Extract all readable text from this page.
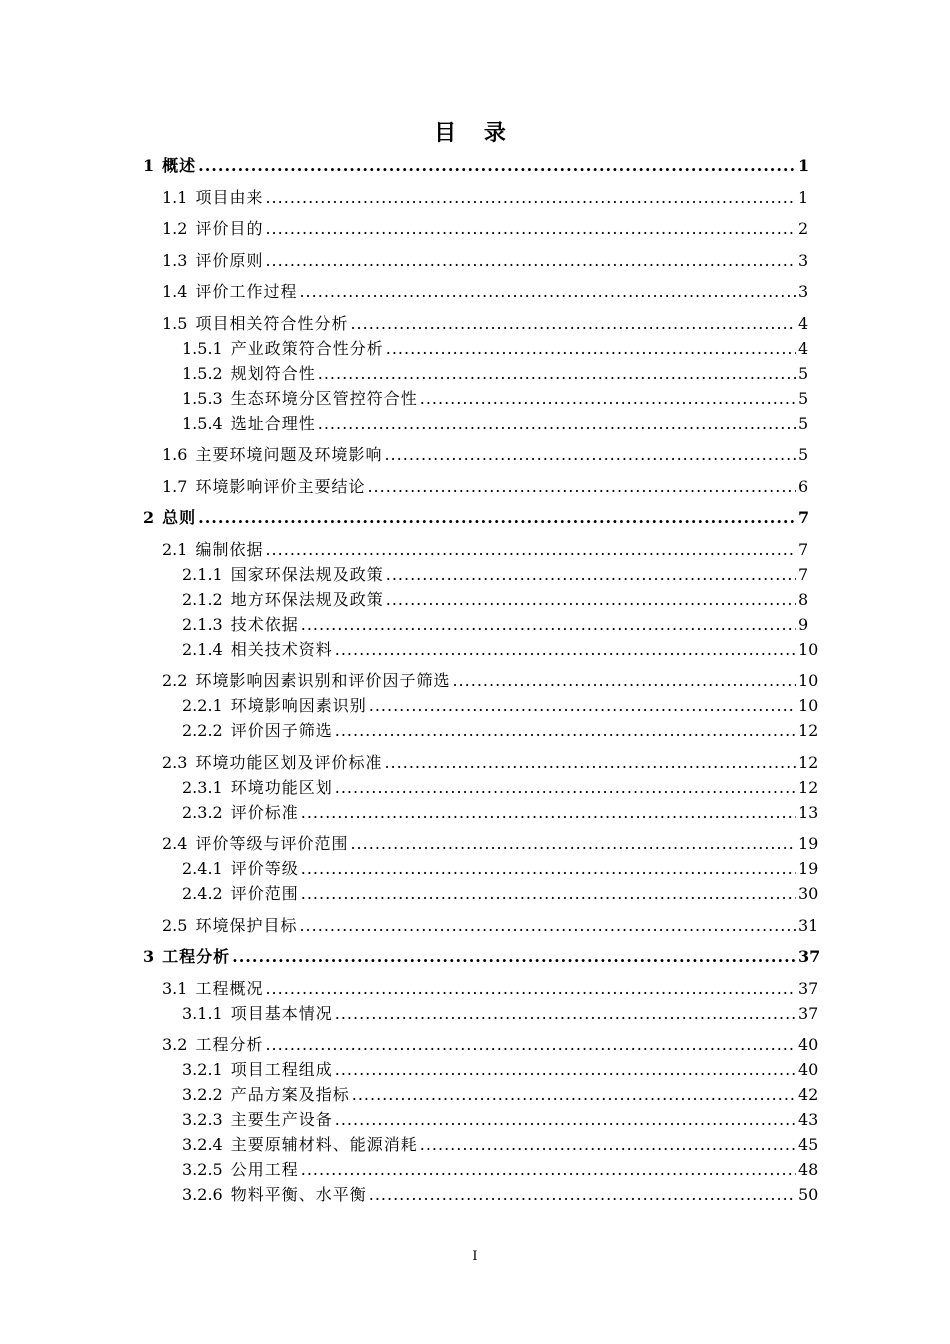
目 录
1 概述 .....	1
1.1 项目由来 .....	1
1.2 评价目的 .....	2
1.3 评价原则 .....	3
1.4 评价工作过程 .....	3
1.5 项目相关符合性分析 .....	4
1.5.1 产业政策符合性分析 .....	4
1.5.2 规划符合性 .....	5
1.5.3 生态环境分区管控符合性 .....	5
1.5.4 选址合理性 .....	5
1.6 主要环境问题及环境影响 .....	5
1.7 环境影响评价主要结论 .....	6
2 总则 .....	7
2.1 编制依据 .....	7
2.1.1 国家环保法规及政策 .....	7
2.1.2 地方环保法规及政策 .....	8
2.1.3 技术依据 .....	9
2.1.4 相关技术资料 .....	10
2.2 环境影响因素识别和评价因子筛选 .....	10
2.2.1 环境影响因素识别 .....	10
2.2.2 评价因子筛选 .....	12
2.3 环境功能区划及评价标准 .....	12
2.3.1 环境功能区划 .....	12
2.3.2 评价标准 .....	13
2.4 评价等级与评价范围 .....	19
2.4.1 评价等级 .....	19
2.4.2 评价范围 .....	30
2.5 环境保护目标 .....	31
3 工程分析 .....	37
3.1 工程概况 .....	37
3.1.1 项目基本情况 .....	37
3.2 工程分析 .....	40
3.2.1 项目工程组成 .....	40
3.2.2 产品方案及指标 .....	42
3.2.3 主要生产设备 .....	43
3.2.4 主要原辅材料、能源消耗 .....	45
3.2.5 公用工程 .....	48
3.2.6 物料平衡、水平衡 .....	50
I
